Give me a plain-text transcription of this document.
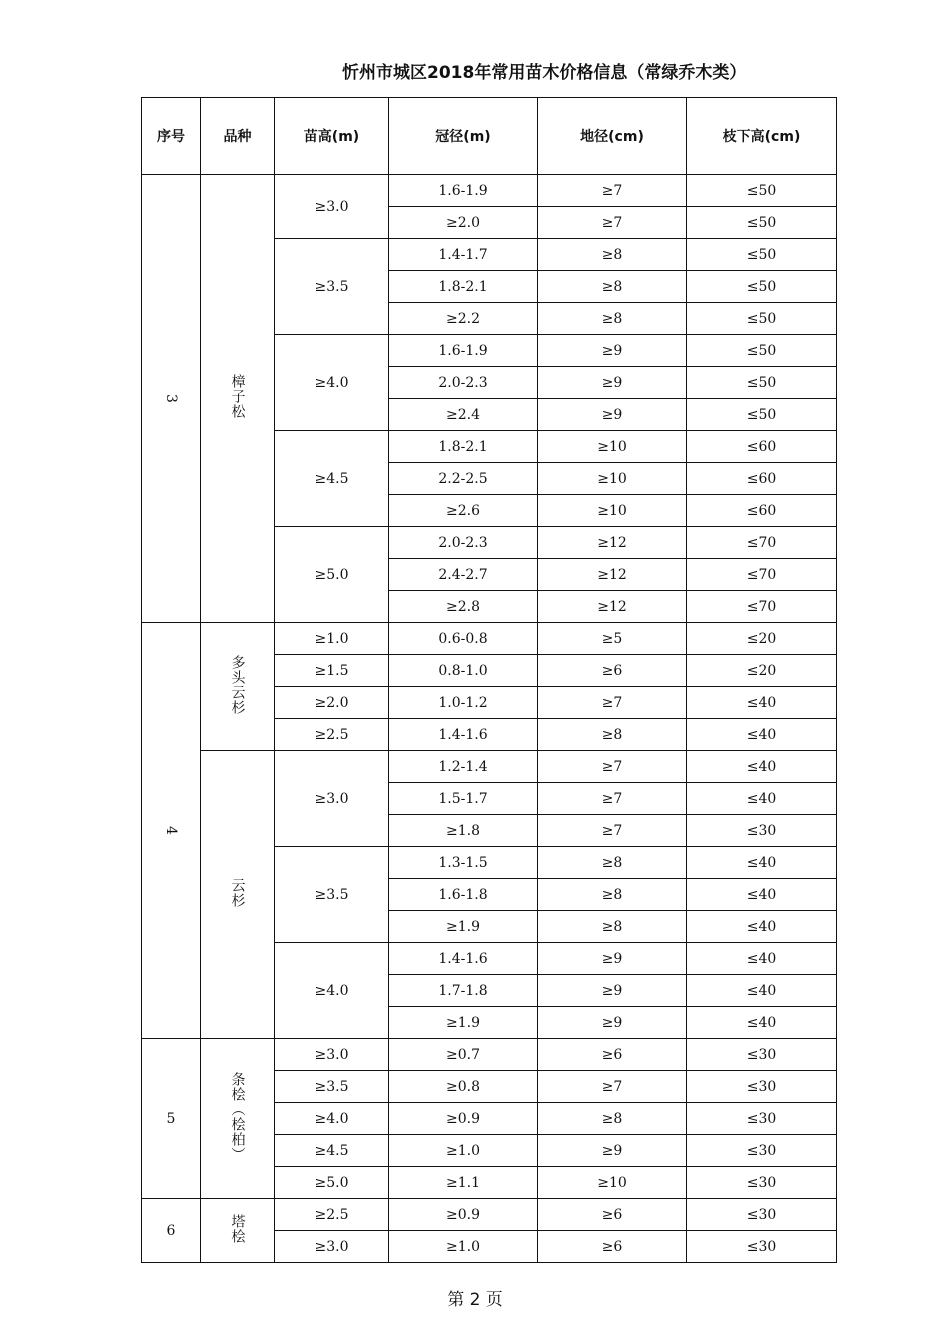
忻州市城区2018年常用苗木价格信息（常绿乔木类）
序号	品种	苗高(m)	冠径(m)	地径(cm)	枝下高(cm)
3	樟子松	≥3.0	1.6-1.9	≥7	≤50
			≥2.0	≥7	≤50
		≥3.5	1.4-1.7	≥8	≤50
			1.8-2.1	≥8	≤50
			≥2.2	≥8	≤50
		≥4.0	1.6-1.9	≥9	≤50
			2.0-2.3	≥9	≤50
			≥2.4	≥9	≤50
		≥4.5	1.8-2.1	≥10	≤60
			2.2-2.5	≥10	≤60
			≥2.6	≥10	≤60
		≥5.0	2.0-2.3	≥12	≤70
			2.4-2.7	≥12	≤70
			≥2.8	≥12	≤70
4	多头云杉	≥1.0	0.6-0.8	≥5	≤20
		≥1.5	0.8-1.0	≥6	≤20
		≥2.0	1.0-1.2	≥7	≤40
		≥2.5	1.4-1.6	≥8	≤40
	云杉	≥3.0	1.2-1.4	≥7	≤40
			1.5-1.7	≥7	≤40
			≥1.8	≥7	≤30
		≥3.5	1.3-1.5	≥8	≤40
			1.6-1.8	≥8	≤40
			≥1.9	≥8	≤40
		≥4.0	1.4-1.6	≥9	≤40
			1.7-1.8	≥9	≤40
			≥1.9	≥9	≤40
5	条桧（桧柏）	≥3.0	≥0.7	≥6	≤30
		≥3.5	≥0.8	≥7	≤30
		≥4.0	≥0.9	≥8	≤30
		≥4.5	≥1.0	≥9	≤30
		≥5.0	≥1.1	≥10	≤30
6	塔桧	≥2.5	≥0.9	≥6	≤30
		≥3.0	≥1.0	≥6	≤30
第 2 页
